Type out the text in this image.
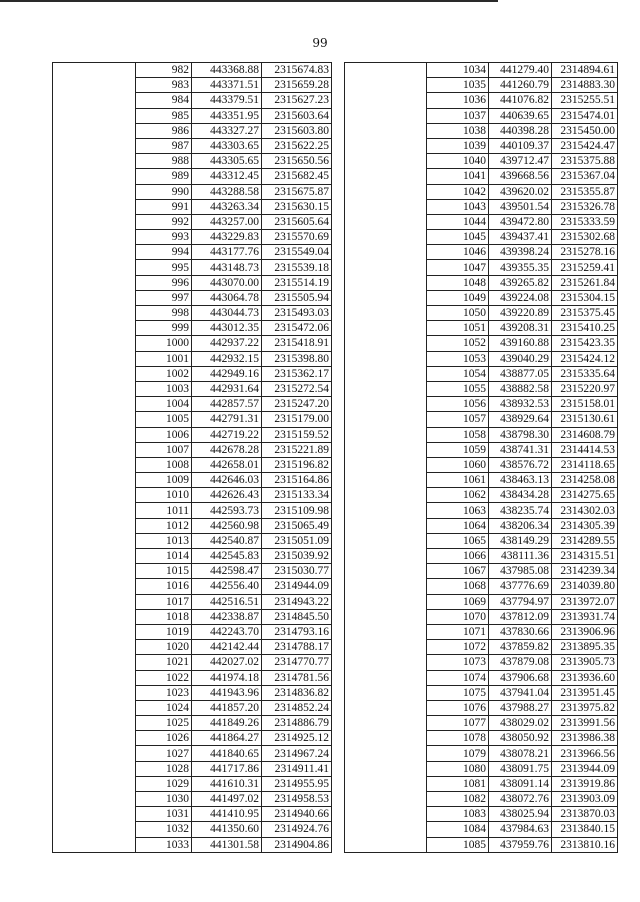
99
	982	443368.88	2315674.83
	983	443371.51	2315659.28
	984	443379.51	2315627.23
	985	443351.95	2315603.64
	986	443327.27	2315603.80
	987	443303.65	2315622.25
	988	443305.65	2315650.56
	989	443312.45	2315682.45
	990	443288.58	2315675.87
	991	443263.34	2315630.15
	992	443257.00	2315605.64
	993	443229.83	2315570.69
	994	443177.76	2315549.04
	995	443148.73	2315539.18
	996	443070.00	2315514.19
	997	443064.78	2315505.94
	998	443044.73	2315493.03
	999	443012.35	2315472.06
	1000	442937.22	2315418.91
	1001	442932.15	2315398.80
	1002	442949.16	2315362.17
	1003	442931.64	2315272.54
	1004	442857.57	2315247.20
	1005	442791.31	2315179.00
	1006	442719.22	2315159.52
	1007	442678.28	2315221.89
	1008	442658.01	2315196.82
	1009	442646.03	2315164.86
	1010	442626.43	2315133.34
	1011	442593.73	2315109.98
	1012	442560.98	2315065.49
	1013	442540.87	2315051.09
	1014	442545.83	2315039.92
	1015	442598.47	2315030.77
	1016	442556.40	2314944.09
	1017	442516.51	2314943.22
	1018	442338.87	2314845.50
	1019	442243.70	2314793.16
	1020	442142.44	2314788.17
	1021	442027.02	2314770.77
	1022	441974.18	2314781.56
	1023	441943.96	2314836.82
	1024	441857.20	2314852.24
	1025	441849.26	2314886.79
	1026	441864.27	2314925.12
	1027	441840.65	2314967.24
	1028	441717.86	2314911.41
	1029	441610.31	2314955.95
	1030	441497.02	2314958.53
	1031	441410.95	2314940.66
	1032	441350.60	2314924.76
	1033	441301.58	2314904.86
	1034	441279.40	2314894.61
	1035	441260.79	2314883.30
	1036	441076.82	2315255.51
	1037	440639.65	2315474.01
	1038	440398.28	2315450.00
	1039	440109.37	2315424.47
	1040	439712.47	2315375.88
	1041	439668.56	2315367.04
	1042	439620.02	2315355.87
	1043	439501.54	2315326.78
	1044	439472.80	2315333.59
	1045	439437.41	2315302.68
	1046	439398.24	2315278.16
	1047	439355.35	2315259.41
	1048	439265.82	2315261.84
	1049	439224.08	2315304.15
	1050	439220.89	2315375.45
	1051	439208.31	2315410.25
	1052	439160.88	2315423.35
	1053	439040.29	2315424.12
	1054	438877.05	2315335.64
	1055	438882.58	2315220.97
	1056	438932.53	2315158.01
	1057	438929.64	2315130.61
	1058	438798.30	2314608.79
	1059	438741.31	2314414.53
	1060	438576.72	2314118.65
	1061	438463.13	2314258.08
	1062	438434.28	2314275.65
	1063	438235.74	2314302.03
	1064	438206.34	2314305.39
	1065	438149.29	2314289.55
	1066	438111.36	2314315.51
	1067	437985.08	2314239.34
	1068	437776.69	2314039.80
	1069	437794.97	2313972.07
	1070	437812.09	2313931.74
	1071	437830.66	2313906.96
	1072	437859.82	2313895.35
	1073	437879.08	2313905.73
	1074	437906.68	2313936.60
	1075	437941.04	2313951.45
	1076	437988.27	2313975.82
	1077	438029.02	2313991.56
	1078	438050.92	2313986.38
	1079	438078.21	2313966.56
	1080	438091.75	2313944.09
	1081	438091.14	2313919.86
	1082	438072.76	2313903.09
	1083	438025.94	2313870.03
	1084	437984.63	2313840.15
	1085	437959.76	2313810.16
